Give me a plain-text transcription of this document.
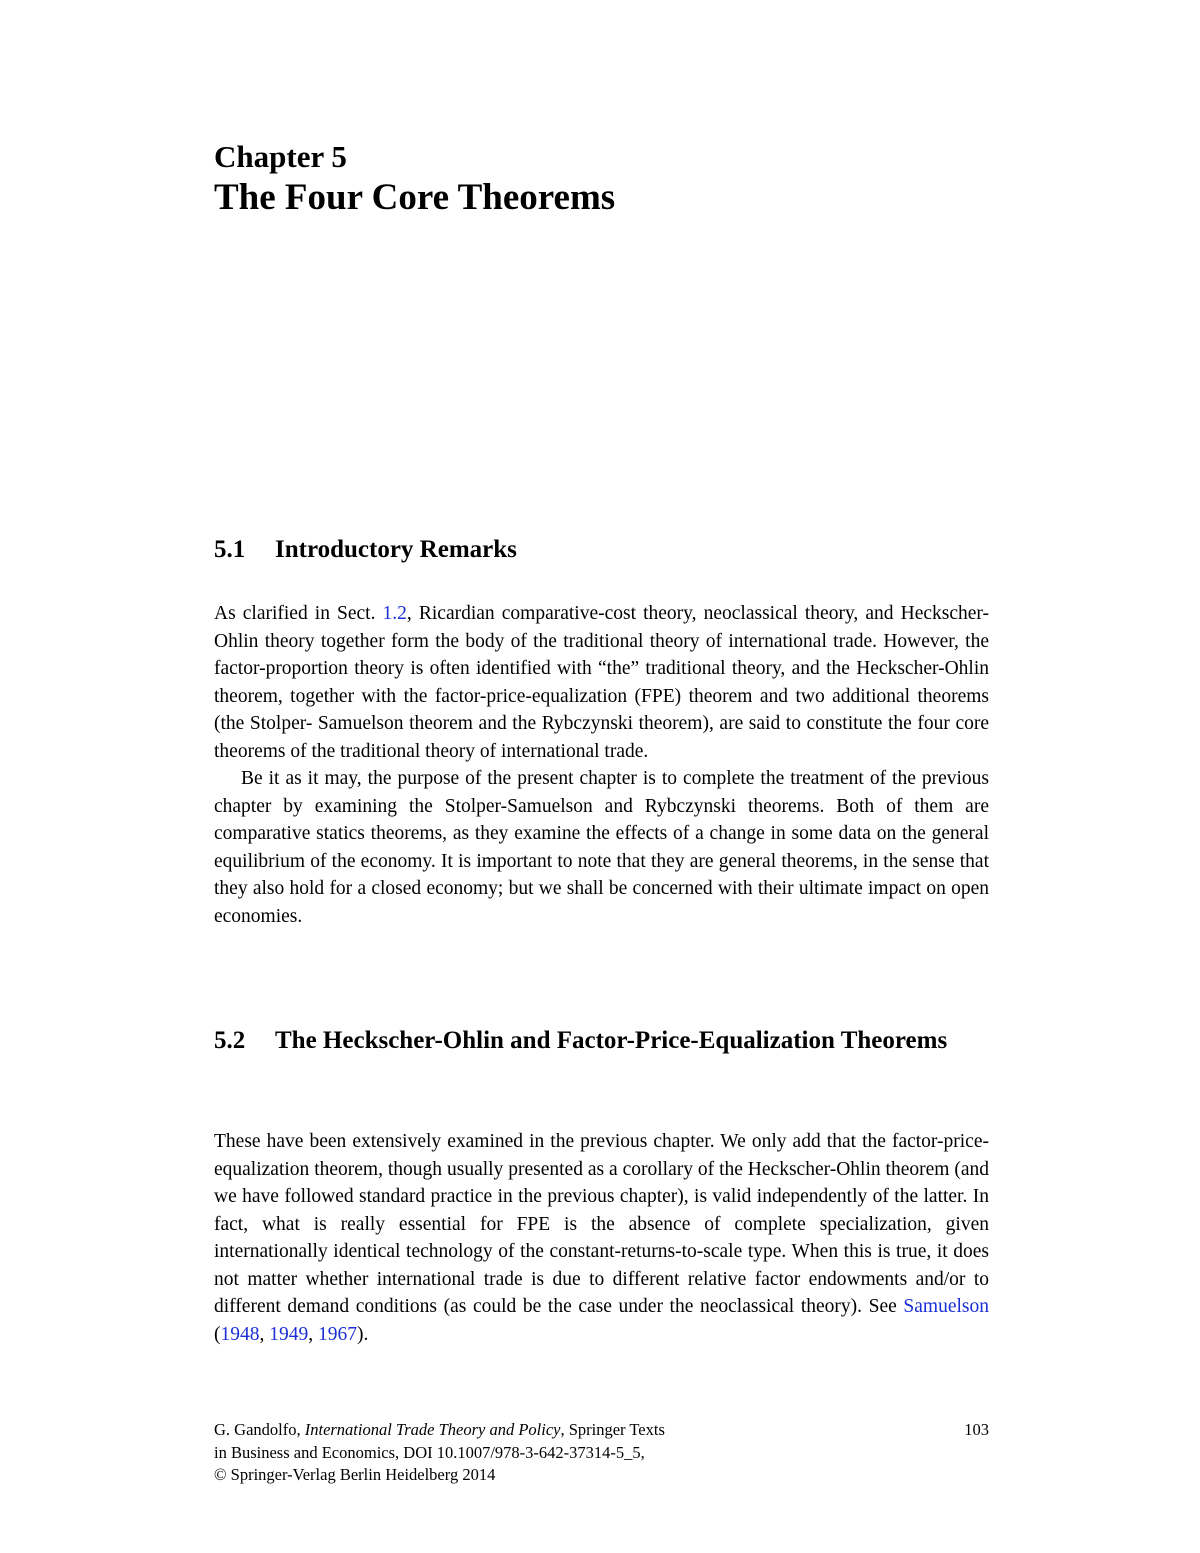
Chapter 5
The Four Core Theorems
5.1 Introductory Remarks

As clarified in Sect. 1.2, Ricardian comparative-cost theory, neoclassical theory, and Heckscher-Ohlin theory together form the body of the traditional theory of international trade. However, the factor-proportion theory is often identified with “the” traditional theory, and the Heckscher-Ohlin theorem, together with the factor-price-equalization (FPE) theorem and two additional theorems (the Stolper- Samuelson theorem and the Rybczynski theorem), are said to constitute the four core theorems of the traditional theory of international trade.

Be it as it may, the purpose of the present chapter is to complete the treatment of the previous chapter by examining the Stolper-Samuelson and Rybczynski theorems. Both of them are comparative statics theorems, as they examine the effects of a change in some data on the general equilibrium of the economy. It is important to note that they are general theorems, in the sense that they also hold for a closed economy; but we shall be concerned with their ultimate impact on open economies.

5.2 The Heckscher-Ohlin and Factor-Price-Equalization Theorems

These have been extensively examined in the previous chapter. We only add that the factor-price-equalization theorem, though usually presented as a corollary of the Heckscher-Ohlin theorem (and we have followed standard practice in the previous chapter), is valid independently of the latter. In fact, what is really essential for FPE is the absence of complete specialization, given internationally identical technology of the constant-returns-to-scale type. When this is true, it does not matter whether international trade is due to different relative factor endowments and/or to different demand conditions (as could be the case under the neoclassical theory). See Samuelson (1948, 1949, 1967).

G. Gandolfo, International Trade Theory and Policy, Springer Texts
in Business and Economics, DOI 10.1007/978-3-642-37314-5_5,
© Springer-Verlag Berlin Heidelberg 2014
103
